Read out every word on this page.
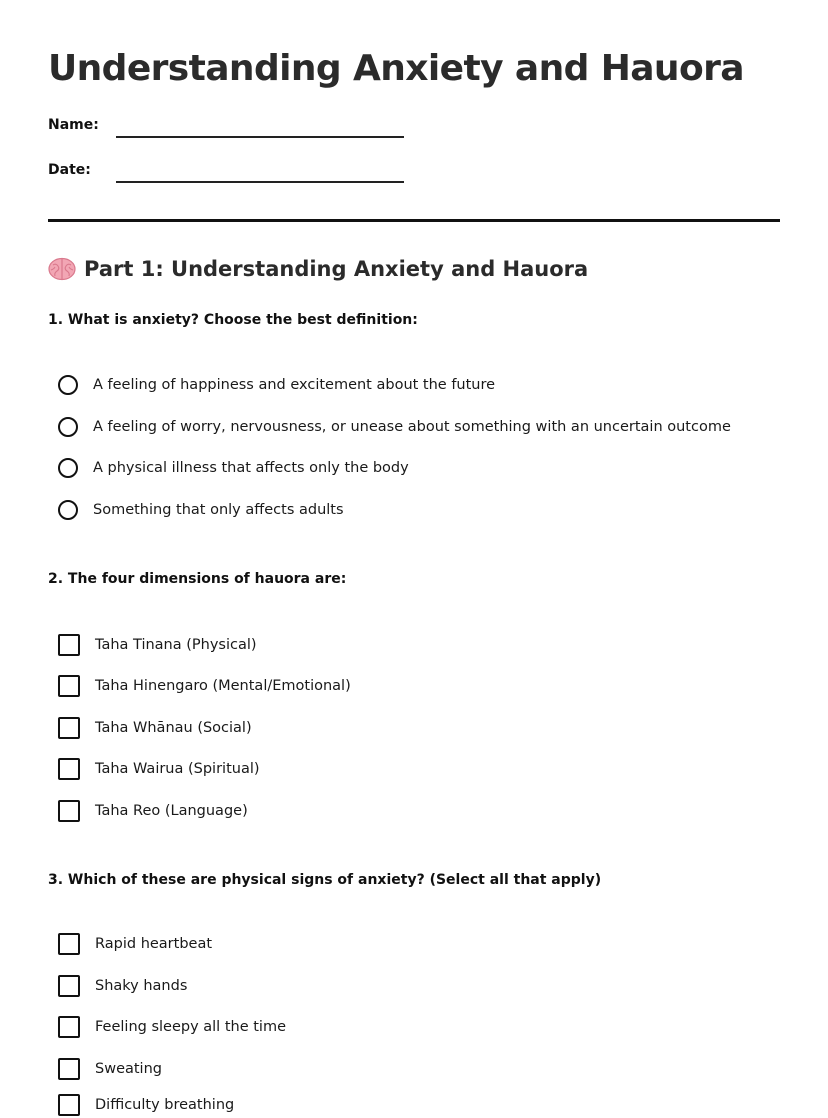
Understanding Anxiety and Hauora
Name:
Date:
Part 1: Understanding Anxiety and Hauora
1. What is anxiety? Choose the best definition:
A feeling of happiness and excitement about the future
A feeling of worry, nervousness, or unease about something with an uncertain outcome
A physical illness that affects only the body
Something that only affects adults
2. The four dimensions of hauora are:
Taha Tinana (Physical)
Taha Hinengaro (Mental/Emotional)
Taha Whānau (Social)
Taha Wairua (Spiritual)
Taha Reo (Language)
3. Which of these are physical signs of anxiety? (Select all that apply)
Rapid heartbeat
Shaky hands
Feeling sleepy all the time
Sweating
Difficulty breathing
